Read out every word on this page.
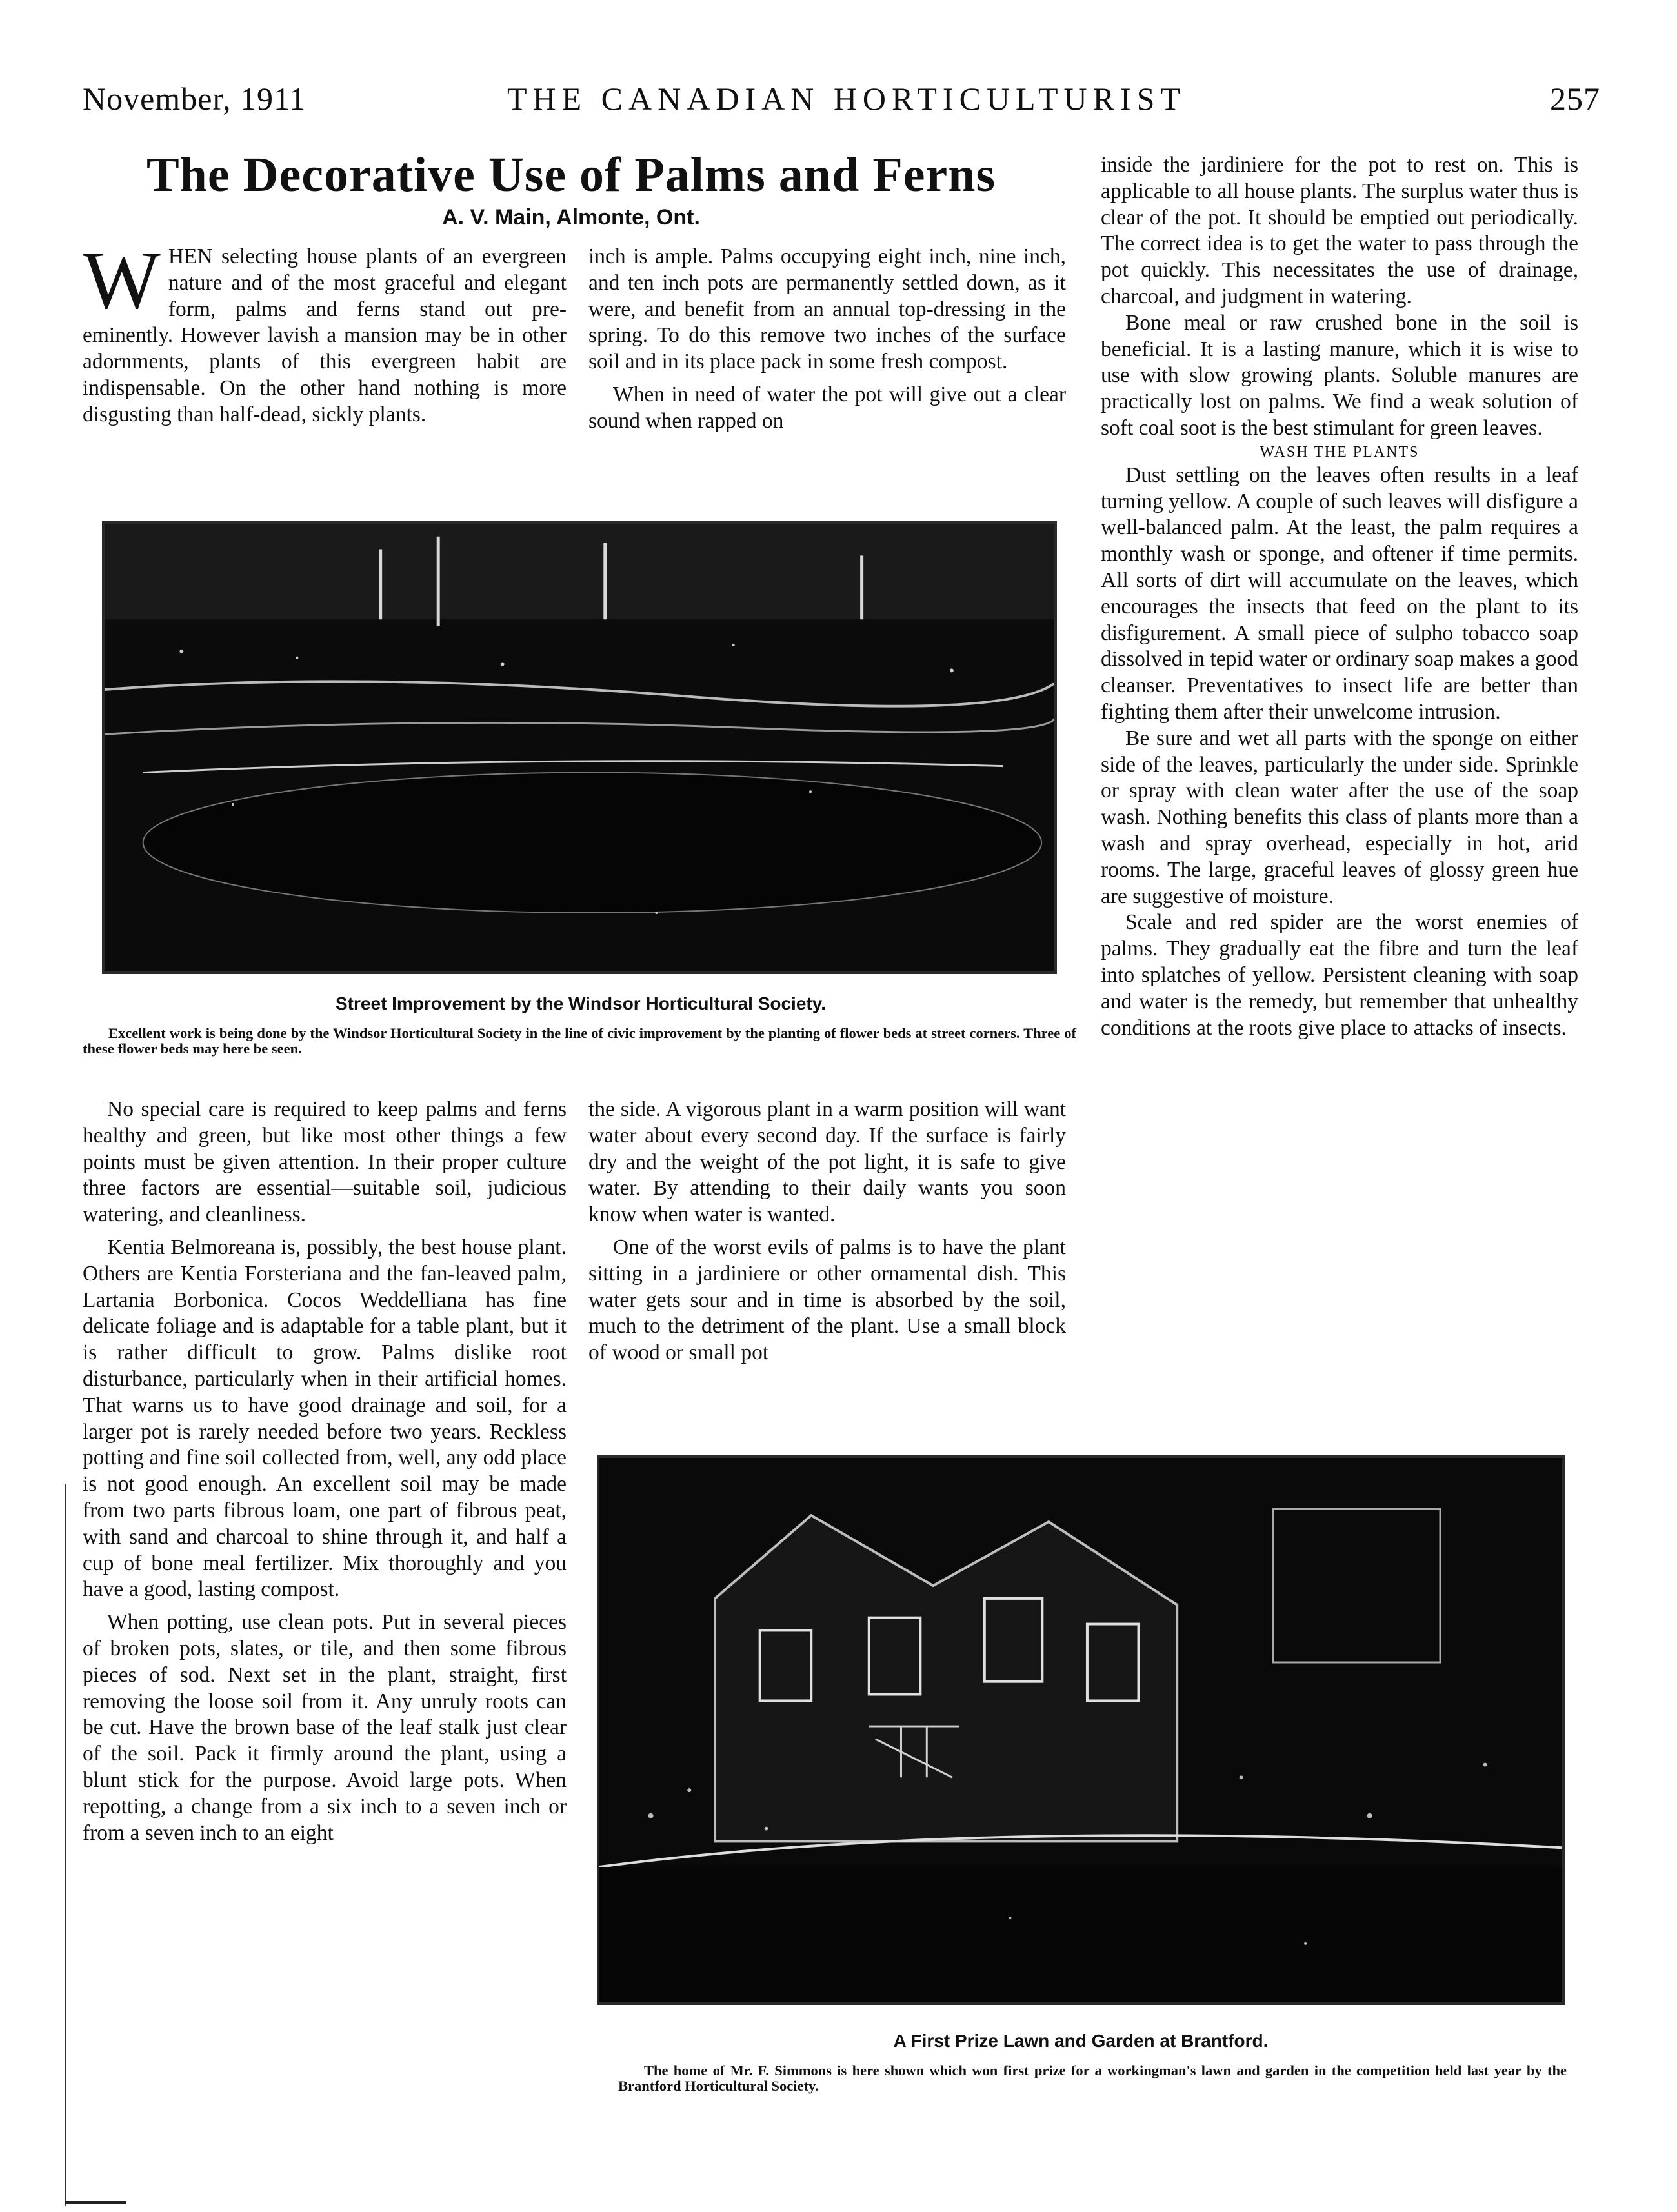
November, 1911	THE CANADIAN HORTICULTURIST	257
The Decorative Use of Palms and Ferns
A. V. Main, Almonte, Ont.

WHEN selecting house plants of an evergreen nature and of the most graceful and elegant form, palms and ferns stand out pre-eminently. However lavish a mansion may be in other adornments, plants of this evergreen habit are indispensable. On the other hand nothing is more disgusting than half-dead, sickly plants.

inch is ample. Palms occupying eight inch, nine inch, and ten inch pots are permanently settled down, as it were, and benefit from an annual top-dressing in the spring. To do this remove two inches of the surface soil and in its place pack in some fresh compost.

When in need of water the pot will give out a clear sound when rapped on

Street Improvement by the Windsor Horticultural Society.
Excellent work is being done by the Windsor Horticultural Society in the line of civic improvement by the planting of flower beds at street corners. Three of these flower beds may here be seen.

No special care is required to keep palms and ferns healthy and green, but like most other things a few points must be given attention. In their proper culture three factors are essential—suitable soil, judicious watering, and cleanliness.

Kentia Belmoreana is, possibly, the best house plant. Others are Kentia Forsteriana and the fan-leaved palm, Lartania Borbonica. Cocos Weddelliana has fine delicate foliage and is adaptable for a table plant, but it is rather difficult to grow. Palms dislike root disturbance, particularly when in their artificial homes. That warns us to have good drainage and soil, for a larger pot is rarely needed before two years. Reckless potting and fine soil collected from, well, any odd place is not good enough. An excellent soil may be made from two parts fibrous loam, one part of fibrous peat, with sand and charcoal to shine through it, and half a cup of bone meal fertilizer. Mix thoroughly and you have a good, lasting compost.

When potting, use clean pots. Put in several pieces of broken pots, slates, or tile, and then some fibrous pieces of sod. Next set in the plant, straight, first removing the loose soil from it. Any unruly roots can be cut. Have the brown base of the leaf stalk just clear of the soil. Pack it firmly around the plant, using a blunt stick for the purpose. Avoid large pots. When repotting, a change from a six inch to a seven inch or from a seven inch to an eight

the side. A vigorous plant in a warm position will want water about every second day. If the surface is fairly dry and the weight of the pot light, it is safe to give water. By attending to their daily wants you soon know when water is wanted.

One of the worst evils of palms is to have the plant sitting in a jardiniere or other ornamental dish. This water gets sour and in time is absorbed by the soil, much to the detriment of the plant. Use a small block of wood or small pot

inside the jardiniere for the pot to rest on. This is applicable to all house plants. The surplus water thus is clear of the pot. It should be emptied out periodically. The correct idea is to get the water to pass through the pot quickly. This necessitates the use of drainage, charcoal, and judgment in watering.

Bone meal or raw crushed bone in the soil is beneficial. It is a lasting manure, which it is wise to use with slow growing plants. Soluble manures are practically lost on palms. We find a weak solution of soft coal soot is the best stimulant for green leaves.

WASH THE PLANTS

Dust settling on the leaves often results in a leaf turning yellow. A couple of such leaves will disfigure a well-balanced palm. At the least, the palm requires a monthly wash or sponge, and oftener if time permits. All sorts of dirt will accumulate on the leaves, which encourages the insects that feed on the plant to its disfigurement. A small piece of sulpho tobacco soap dissolved in tepid water or ordinary soap makes a good cleanser. Preventatives to insect life are better than fighting them after their unwelcome intrusion.

Be sure and wet all parts with the sponge on either side of the leaves, particularly the under side. Sprinkle or spray with clean water after the use of the soap wash. Nothing benefits this class of plants more than a wash and spray overhead, especially in hot, arid rooms. The large, graceful leaves of glossy green hue are suggestive of moisture.

Scale and red spider are the worst enemies of palms. They gradually eat the fibre and turn the leaf into splatches of yellow. Persistent cleaning with soap and water is the remedy, but remember that unhealthy conditions at the roots give place to attacks of insects.

A First Prize Lawn and Garden at Brantford.
The home of Mr. F. Simmons is here shown which won first prize for a workingman's lawn and garden in the competition held last year by the Brantford Horticultural Society.
